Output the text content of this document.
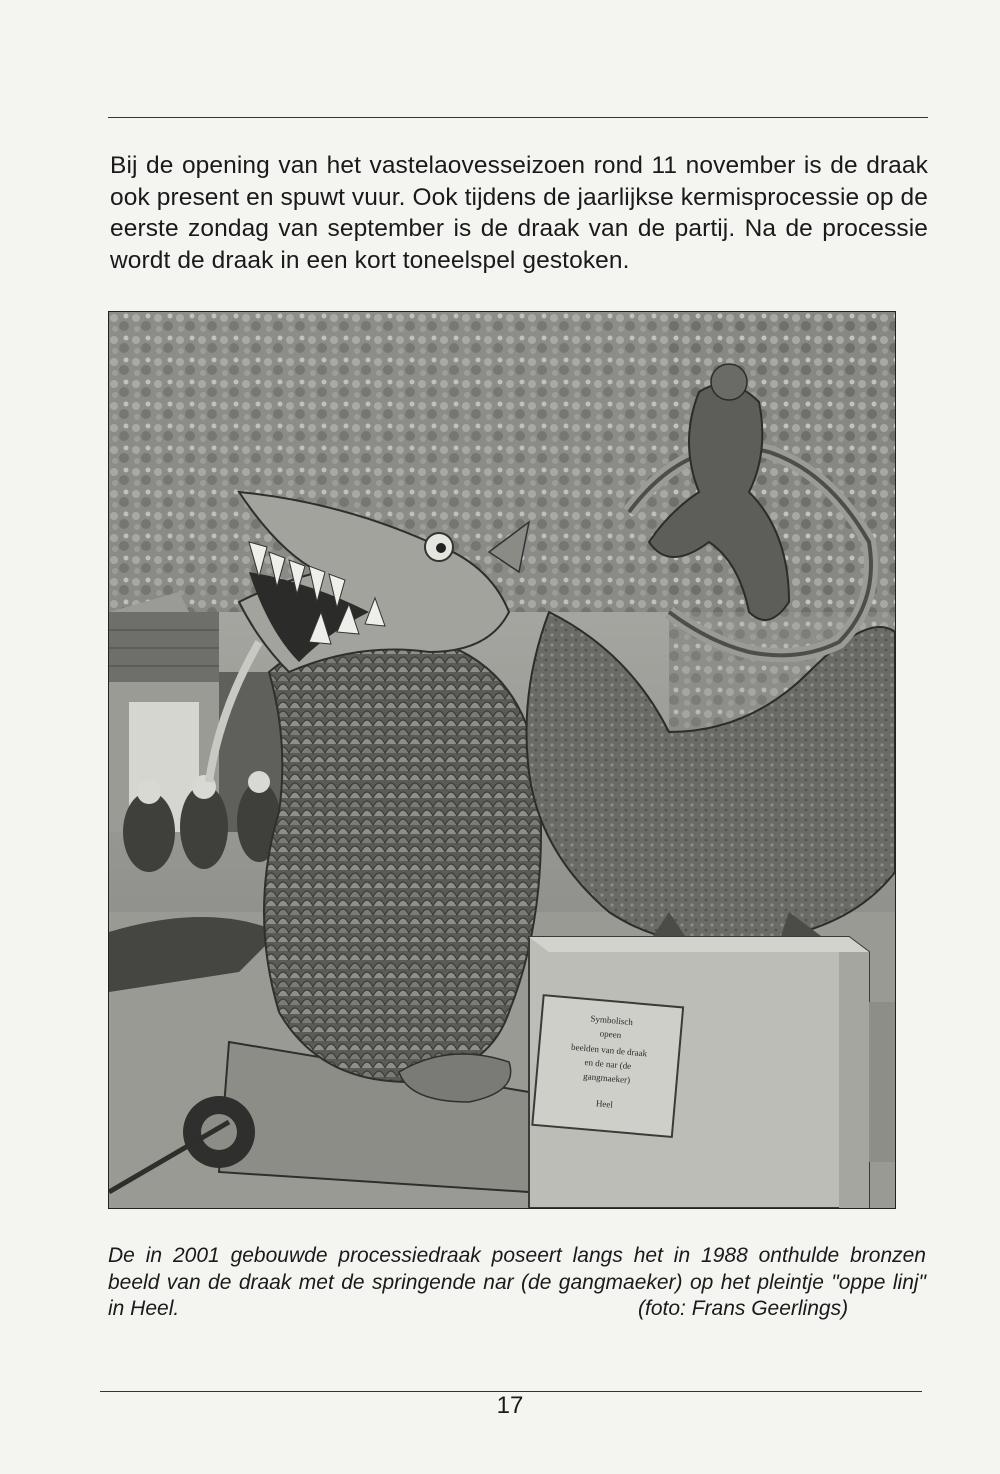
Bij de opening van het vastelaovesseizoen rond 11 november is de draak ook present en spuwt vuur. Ook tijdens de jaarlijkse kermisprocessie op de eerste zondag van september is de draak van de partij. Na de processie wordt de draak in een kort toneelspel gestoken.

Symbolisch
opeen
beelden van de draak
en de nar (de
gangmaeker)
Heel
De in 2001 gebouwde processiedraak poseert langs het in 1988 onthulde bronzen beeld van de draak met de springende nar (de gangmaeker) op het pleintje "oppe linj" in Heel.	(foto: Frans Geerlings)
17
